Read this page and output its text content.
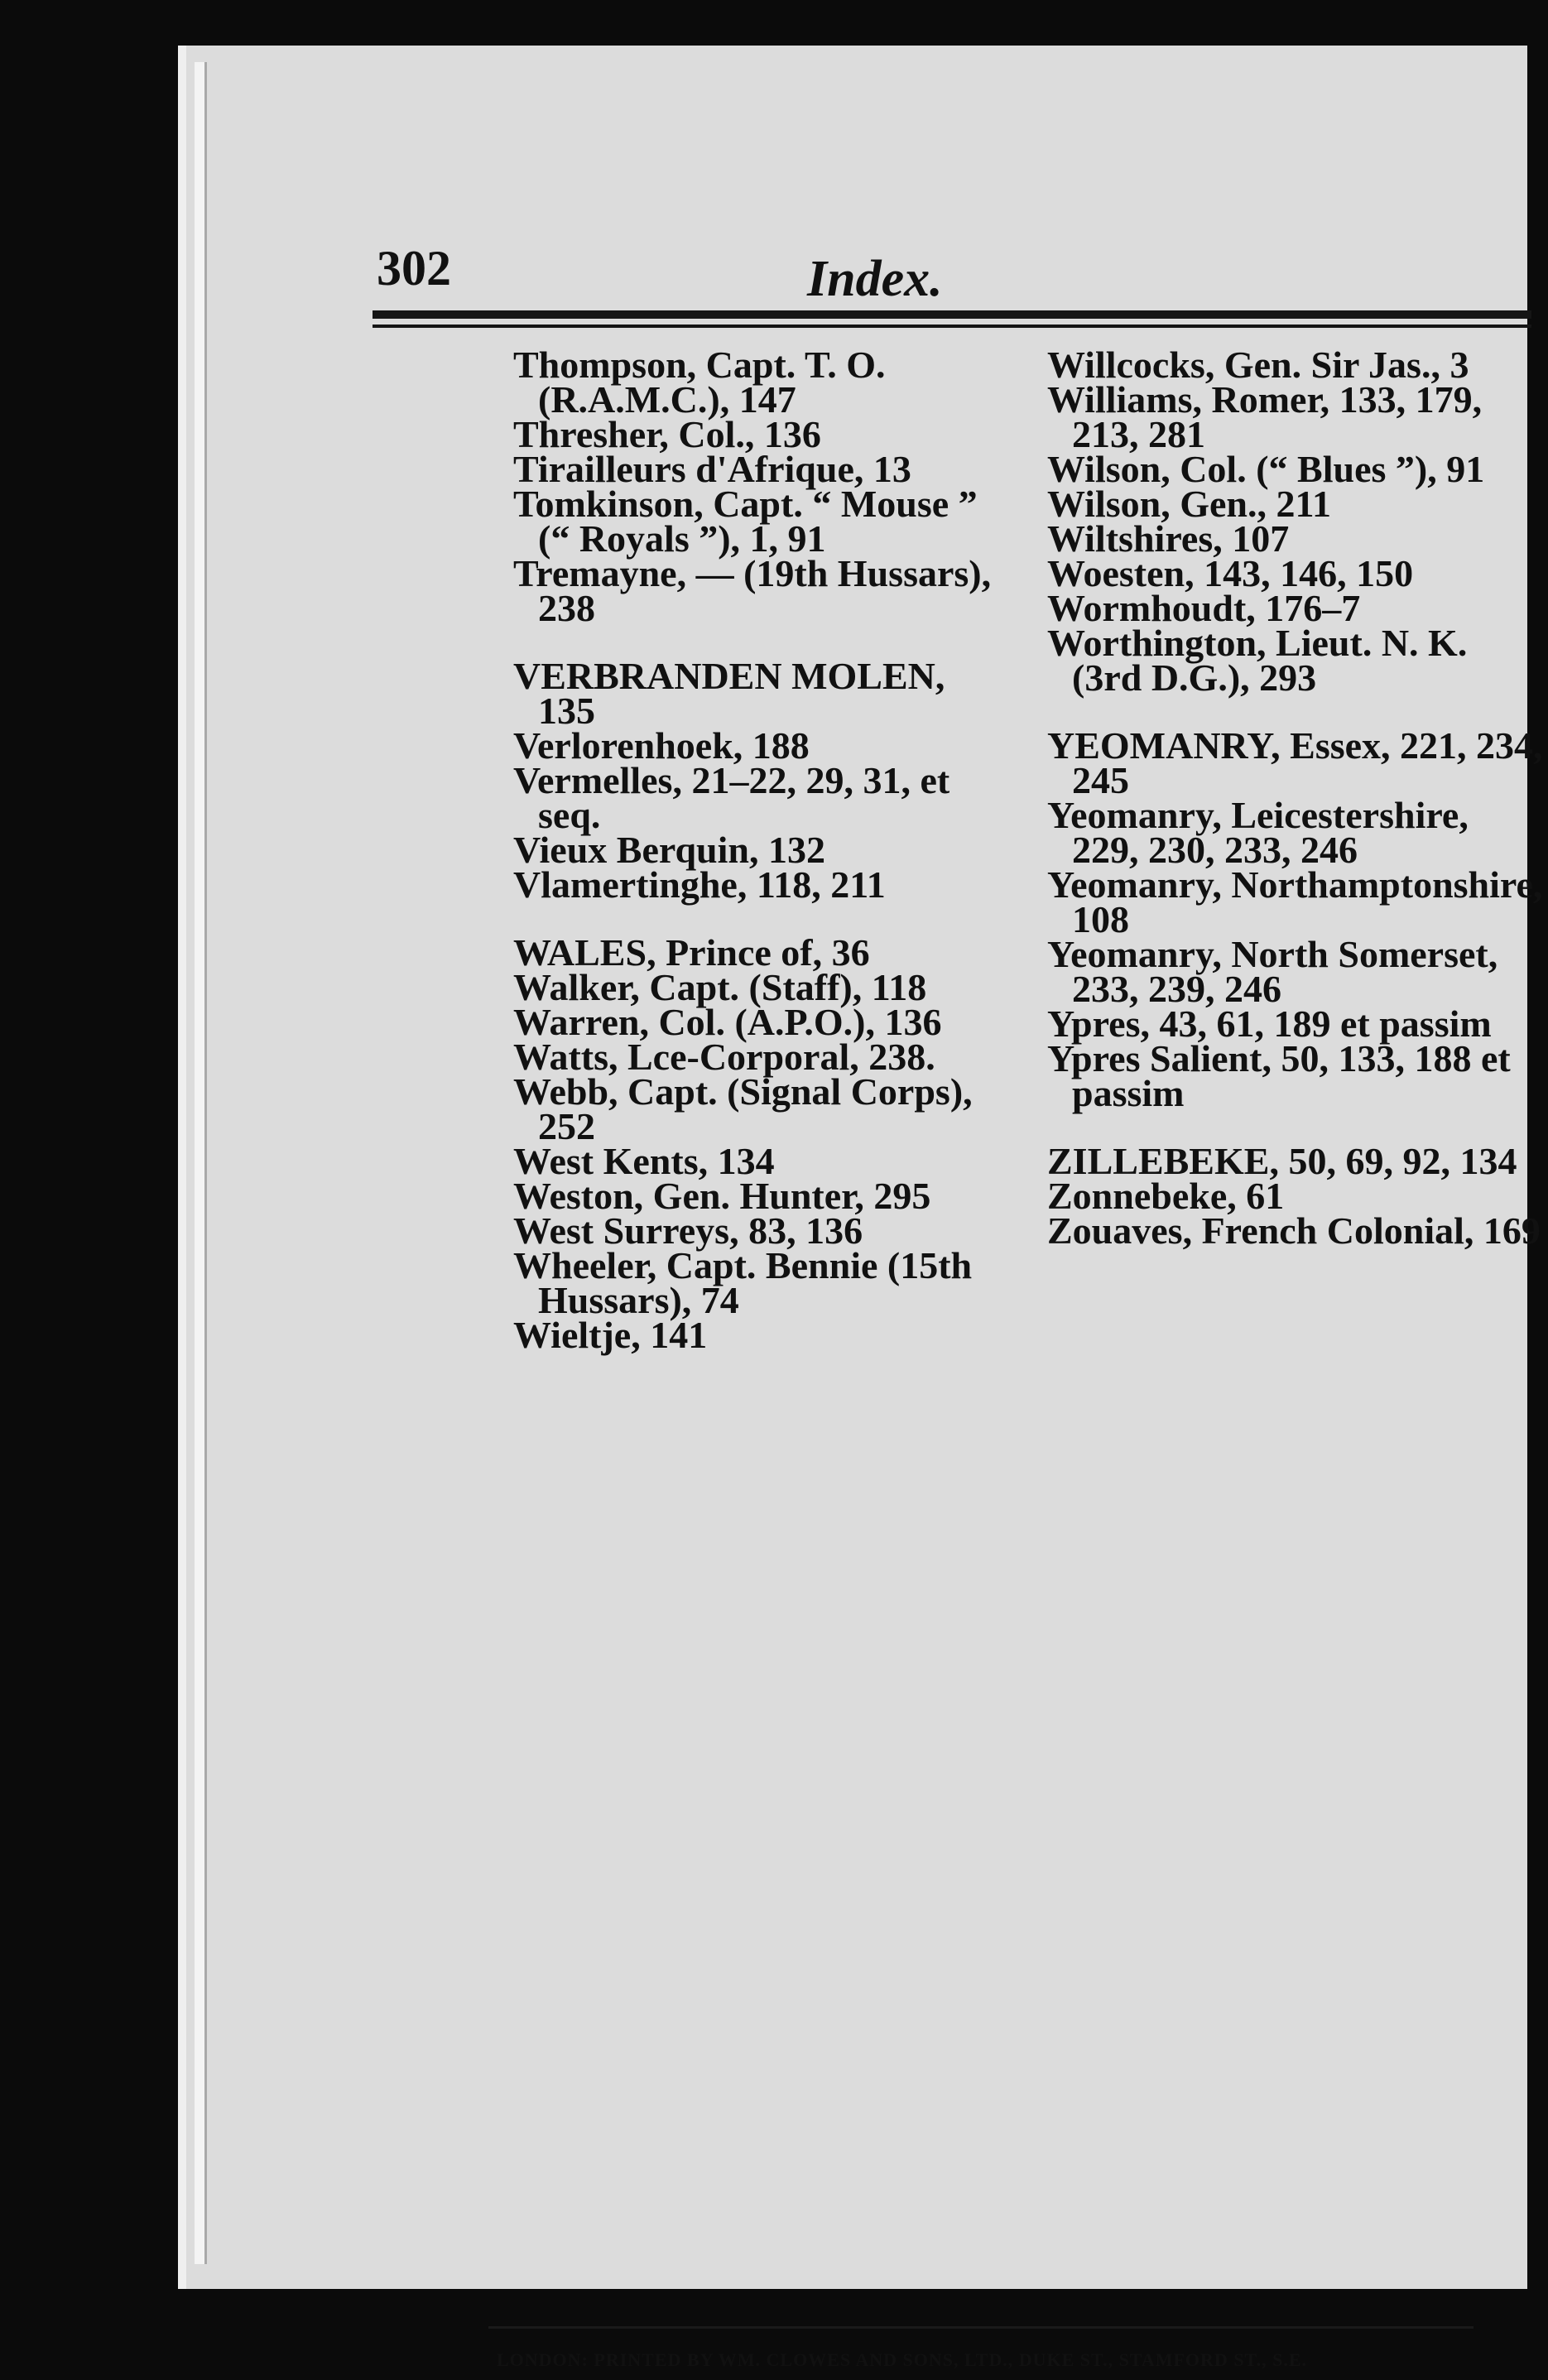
302	Index.

Thompson, Capt. T. O. (R.A.M.C.), 147

Thresher, Col., 136

Tirailleurs d'Afrique, 13

Tomkinson, Capt. “ Mouse ” (“ Royals ”), 1, 91

Tremayne, — (19th Hussars), 238

VERBRANDEN MOLEN, 135

Verlorenhoek, 188

Vermelles, 21–22, 29, 31, et seq.

Vieux Berquin, 132

Vlamertinghe, 118, 211

WALES, Prince of, 36

Walker, Capt. (Staff), 118

Warren, Col. (A.P.O.), 136

Watts, Lce-Corporal, 238.

Webb, Capt. (Signal Corps), 252

West Kents, 134

Weston, Gen. Hunter, 295

West Surreys, 83, 136

Wheeler, Capt. Bennie (15th Hussars), 74

Wieltje, 141

Willcocks, Gen. Sir Jas., 3

Williams, Romer, 133, 179, 213, 281

Wilson, Col. (“ Blues ”), 91

Wilson, Gen., 211

Wiltshires, 107

Woesten, 143, 146, 150

Wormhoudt, 176–7

Worthington, Lieut. N. K. (3rd D.G.), 293

YEOMANRY, Essex, 221, 234, 245

Yeomanry, Leicestershire, 229, 230, 233, 246

Yeomanry, Northamptonshire, 108

Yeomanry, North Somerset, 233, 239, 246

Ypres, 43, 61, 189 et passim

Ypres Salient, 50, 133, 188 et passim

ZILLEBEKE, 50, 69, 92, 134

Zonnebeke, 61

Zouaves, French Colonial, 169

LONDON: PRINTED BY WM. CLOWES AND SONS, LTD., DUKE ST., STAMFORD ST., S.E.
